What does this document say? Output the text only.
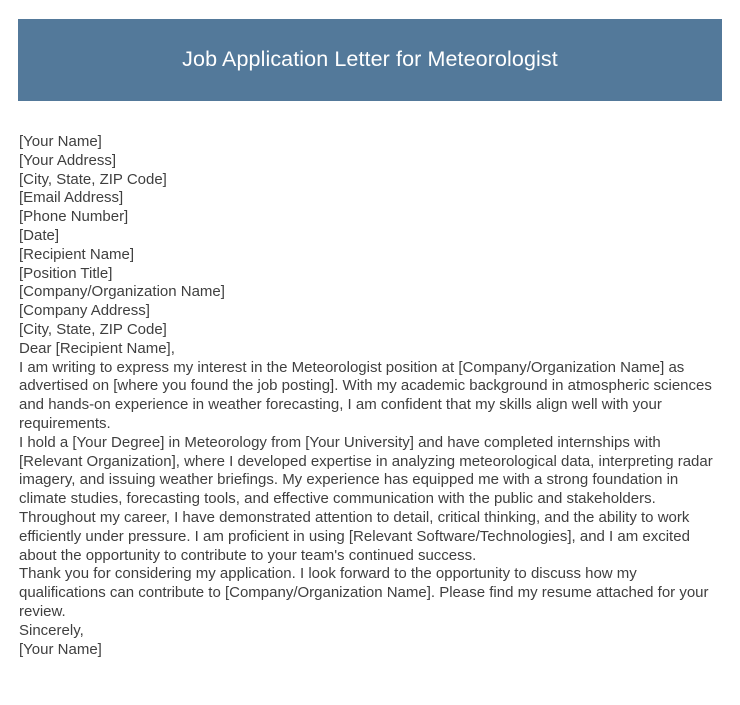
Job Application Letter for Meteorologist
[Your Name]
[Your Address]
[City, State, ZIP Code]
[Email Address]
[Phone Number]
[Date]
[Recipient Name]
[Position Title]
[Company/Organization Name]
[Company Address]
[City, State, ZIP Code]
Dear [Recipient Name],

I am writing to express my interest in the Meteorologist position at [Company/Organization Name] as advertised on [where you found the job posting]. With my academic background in atmospheric sciences and hands-on experience in weather forecasting, I am confident that my skills align well with your requirements.

I hold a [Your Degree] in Meteorology from [Your University] and have completed internships with [Relevant Organization], where I developed expertise in analyzing meteorological data, interpreting radar imagery, and issuing weather briefings. My experience has equipped me with a strong foundation in climate studies, forecasting tools, and effective communication with the public and stakeholders.

Throughout my career, I have demonstrated attention to detail, critical thinking, and the ability to work efficiently under pressure. I am proficient in using [Relevant Software/Technologies], and I am excited about the opportunity to contribute to your team's continued success.

Thank you for considering my application. I look forward to the opportunity to discuss how my qualifications can contribute to [Company/Organization Name]. Please find my resume attached for your review.

Sincerely,
[Your Name]
